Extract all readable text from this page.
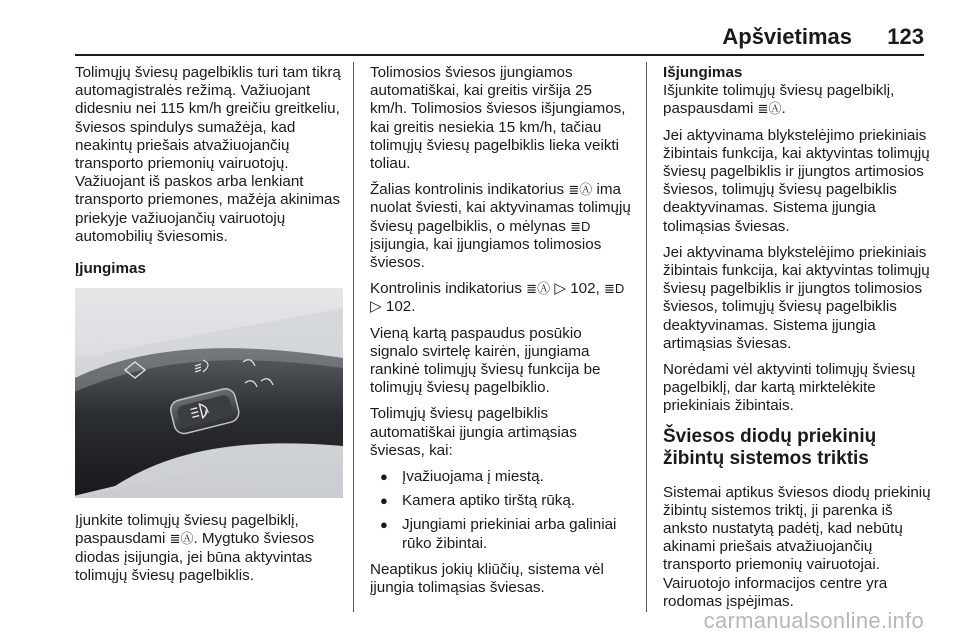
Apšvietimas 123

Tolimųjų šviesų pagelbiklis turi tam tikrą automagistralės režimą. Važiuojant didesniu nei 115 km/h greičiu greitkeliu, šviesos spindulys sumažėja, kad neakintų priešais atvažiuojančių transporto priemonių vairuotojų. Važiuojant iš paskos arba lenkiant transporto priemones, mažėja akinimas priekyje važiuojančių vairuotojų automobilių šviesomis.

Įjungimas
SET/
CLR
A

Įjunkite tolimųjų šviesų pagelbiklį, paspausdami ≣Ⓐ. Mygtuko šviesos diodas įsijungia, jei būna aktyvintas tolimųjų šviesų pagelbiklis.

Tolimosios šviesos įjungiamos automatiškai, kai greitis viršija 25 km/h. Tolimosios šviesos išjungiamos, kai greitis nesiekia 15 km/h, tačiau tolimųjų šviesų pagelbiklis lieka veikti toliau.

Žalias kontrolinis indikatorius ≣Ⓐ ima nuolat šviesti, kai aktyvinamas tolimųjų šviesų pagelbiklis, o mėlynas ≣D įsijungia, kai įjungiamos tolimosios šviesos.

Kontrolinis indikatorius ≣Ⓐ ▷ 102, ≣D
▷ 102.

Vieną kartą paspaudus posūkio signalo svirtelę kairėn, įjungiama rankinė tolimųjų šviesų funkcija be tolimųjų šviesų pagelbiklio.

Tolimųjų šviesų pagelbiklis automatiškai įjungia artimąsias šviesas, kai:

● Įvažiuojama į miestą.
● Kamera aptiko tirštą rūką.
● Jjungiami priekiniai arba galiniai rūko žibintai.

Neaptikus jokių kliūčių, sistema vėl įjungia tolimąsias šviesas.

Išjungimas

Išjunkite tolimųjų šviesų pagelbiklį, paspausdami ≣Ⓐ.

Jei aktyvinama blykstelėjimo priekiniais žibintais funkcija, kai aktyvintas tolimųjų šviesų pagelbiklis ir įjungtos artimosios šviesos, tolimųjų šviesų pagelbiklis deaktyvinamas. Sistema įjungia tolimąsias šviesas.

Jei aktyvinama blykstelėjimo priekiniais žibintais funkcija, kai aktyvintas tolimųjų šviesų pagelbiklis ir įjungtos tolimosios šviesos, tolimųjų šviesų pagelbiklis deaktyvinamas. Sistema įjungia artimąsias šviesas.

Norėdami vėl aktyvinti tolimųjų šviesų pagelbiklį, dar kartą mirktelėkite priekiniais žibintais.

Šviesos diodų priekinių žibintų sistemos triktis

Sistemai aptikus šviesos diodų priekinių žibintų sistemos triktį, ji parenka iš anksto nustatytą padėtį, kad nebūtų akinami priešais atvažiuojančių transporto priemonių vairuotojai. Vairuotojo informacijos centre yra rodomas įspėjimas.

carmanualsonline.info
